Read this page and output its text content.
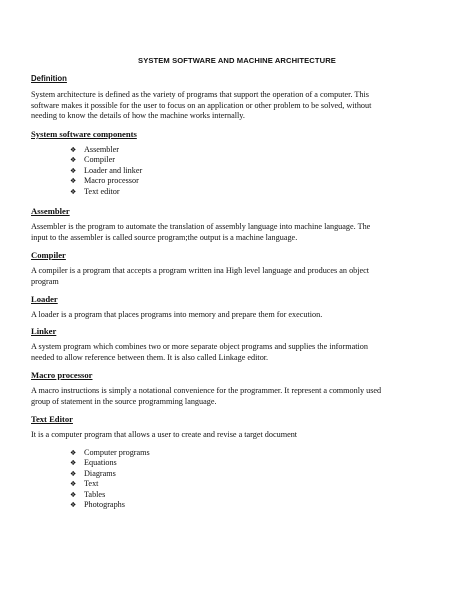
SYSTEM SOFTWARE AND MACHINE ARCHITECTURE
Definition
System architecture is defined as the variety of programs that support the operation of a computer. This
software makes it possible for the user to focus on an application or other problem to be solved, without
needing to know the details of how the machine works internally.
System software components
❖ Assembler
❖ Compiler
❖ Loader and linker
❖ Macro processor
❖ Text editor
Assembler
Assembler is the program to automate the translation of assembly language into machine language. The
input to the assembler is called source program;the output is a machine language.
Compiler
A compiler is a program that accepts a program written ina High level language and produces an object
program
Loader
A loader is a program that places programs into memory and prepare them for execution.
Linker
A system program which combines two or more separate object programs and supplies the information
needed to allow reference between them. It is also called Linkage editor.
Macro processor
A macro instructions is simply a notational convenience for the programmer. It represent a commonly used
group of statement in the source programming language.
Text Editor
It is a computer program that allows a user to create and revise a target document
❖ Computer programs
❖ Equations
❖ Diagrams
❖ Text
❖ Tables
❖ Photographs
